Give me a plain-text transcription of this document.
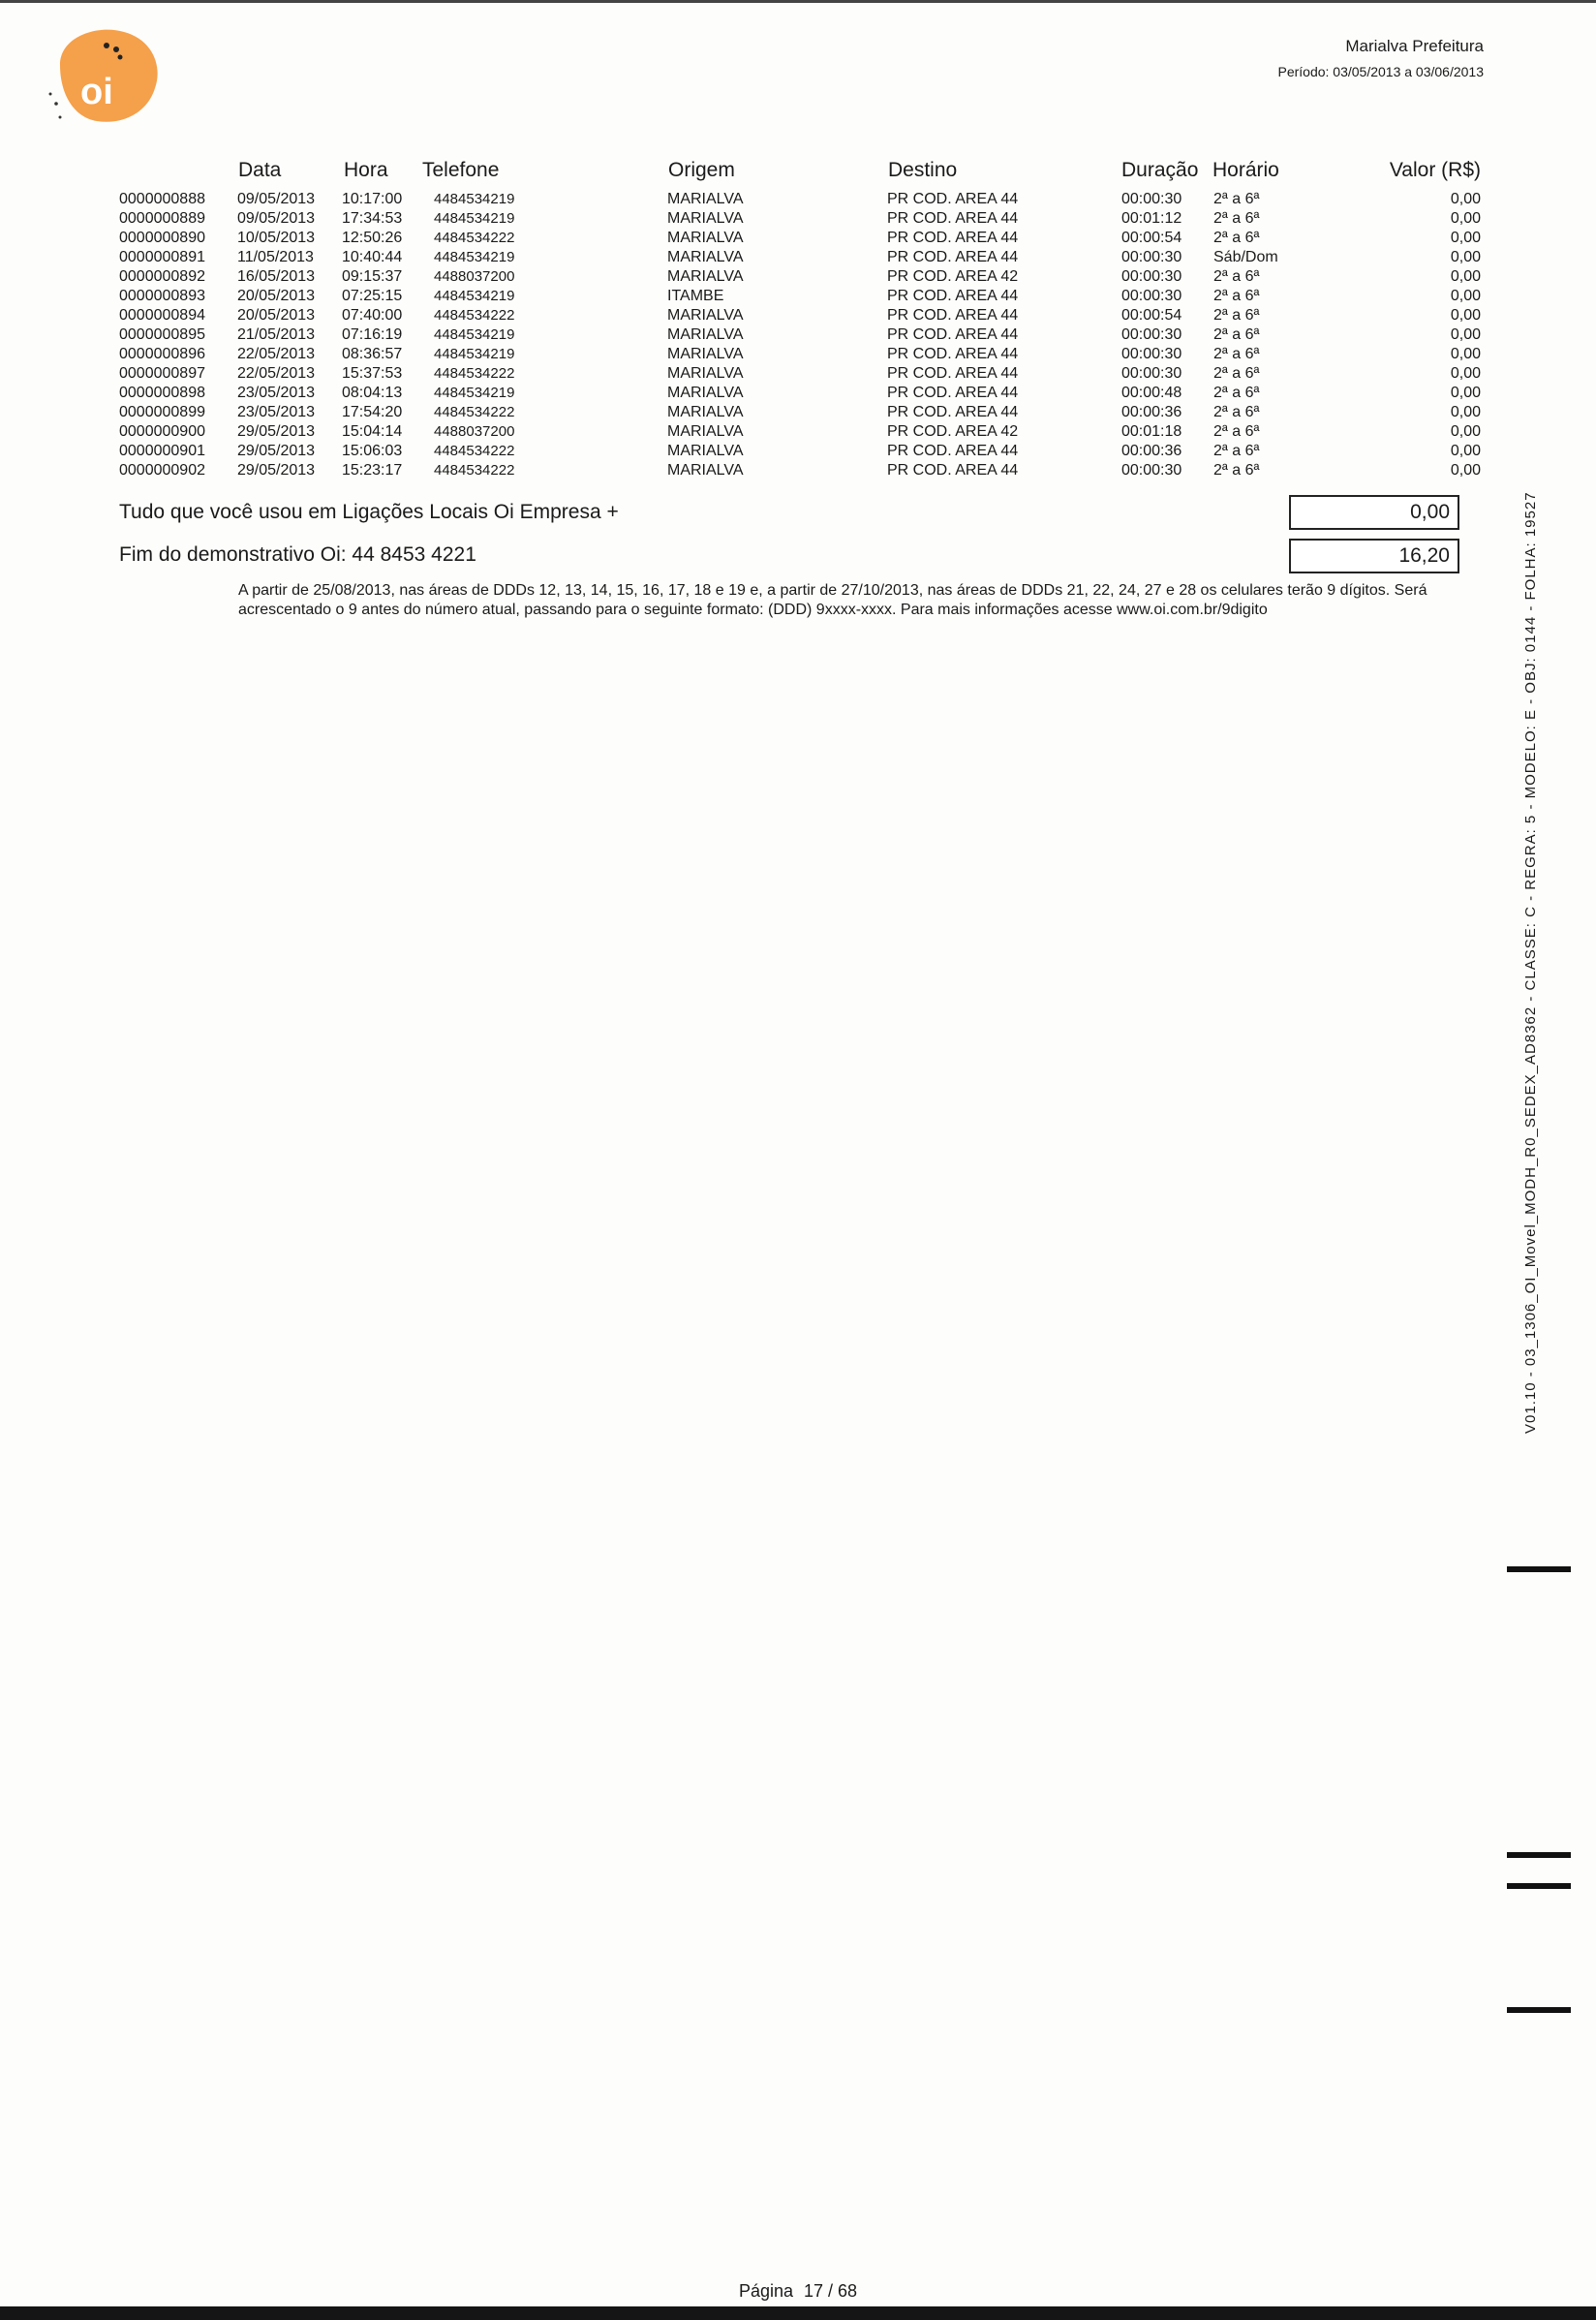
oi
Marialva Prefeitura
Período: 03/05/2013 a 03/06/2013
Data	Hora Telefone	Origem	Destino	Duração Horário	Valor (R$)
0000000888 09/05/2013 10:17:00 4484534219	MARIALVA	PR COD. AREA 44	00:00:30 2ª a 6ª	0,00
0000000889 09/05/2013 17:34:53 4484534219	MARIALVA	PR COD. AREA 44	00:01:12 2ª a 6ª	0,00
0000000890 10/05/2013 12:50:26 4484534222	MARIALVA	PR COD. AREA 44	00:00:54 2ª a 6ª	0,00
0000000891 11/05/2013 10:40:44 4484534219	MARIALVA	PR COD. AREA 44	00:00:30 Sáb/Dom	0,00
0000000892 16/05/2013 09:15:37 4488037200	MARIALVA	PR COD. AREA 42	00:00:30 2ª a 6ª	0,00
0000000893 20/05/2013 07:25:15 4484534219	ITAMBE	PR COD. AREA 44	00:00:30 2ª a 6ª	0,00
0000000894 20/05/2013 07:40:00 4484534222	MARIALVA	PR COD. AREA 44	00:00:54 2ª a 6ª	0,00
0000000895 21/05/2013 07:16:19 4484534219	MARIALVA	PR COD. AREA 44	00:00:30 2ª a 6ª	0,00
0000000896 22/05/2013 08:36:57 4484534219	MARIALVA	PR COD. AREA 44	00:00:30 2ª a 6ª	0,00
0000000897 22/05/2013 15:37:53 4484534222	MARIALVA	PR COD. AREA 44	00:00:30 2ª a 6ª	0,00
0000000898 23/05/2013 08:04:13 4484534219	MARIALVA	PR COD. AREA 44	00:00:48 2ª a 6ª	0,00
0000000899 23/05/2013 17:54:20 4484534222	MARIALVA	PR COD. AREA 44	00:00:36 2ª a 6ª	0,00
0000000900 29/05/2013 15:04:14 4488037200	MARIALVA	PR COD. AREA 42	00:01:18 2ª a 6ª	0,00
0000000901 29/05/2013 15:06:03 4484534222	MARIALVA	PR COD. AREA 44	00:00:36 2ª a 6ª	0,00
0000000902 29/05/2013 15:23:17 4484534222	MARIALVA	PR COD. AREA 44	00:00:30 2ª a 6ª	0,00
Tudo que você usou em Ligações Locais Oi Empresa +	0,00
Fim do demonstrativo Oi: 44 8453 4221	16,20
A partir de 25/08/2013, nas áreas de DDDs 12, 13, 14, 15, 16, 17, 18 e 19 e, a partir de 27/10/2013, nas áreas de DDDs 21, 22, 24, 27 e 28 os celulares terão 9 dígitos. Será acrescentado o 9 antes do número atual, passando para o seguinte formato: (DDD) 9xxxx-xxxx. Para mais informações acesse www.oi.com.br/9digito	V01.10 - 03_1306_OI_Movel_MODH_R0_SEDEX_AD8362 - CLASSE: C - REGRA: 5 - MODELO: E - OBJ: 0144 - FOLHA: 19527
Página 17 / 68
